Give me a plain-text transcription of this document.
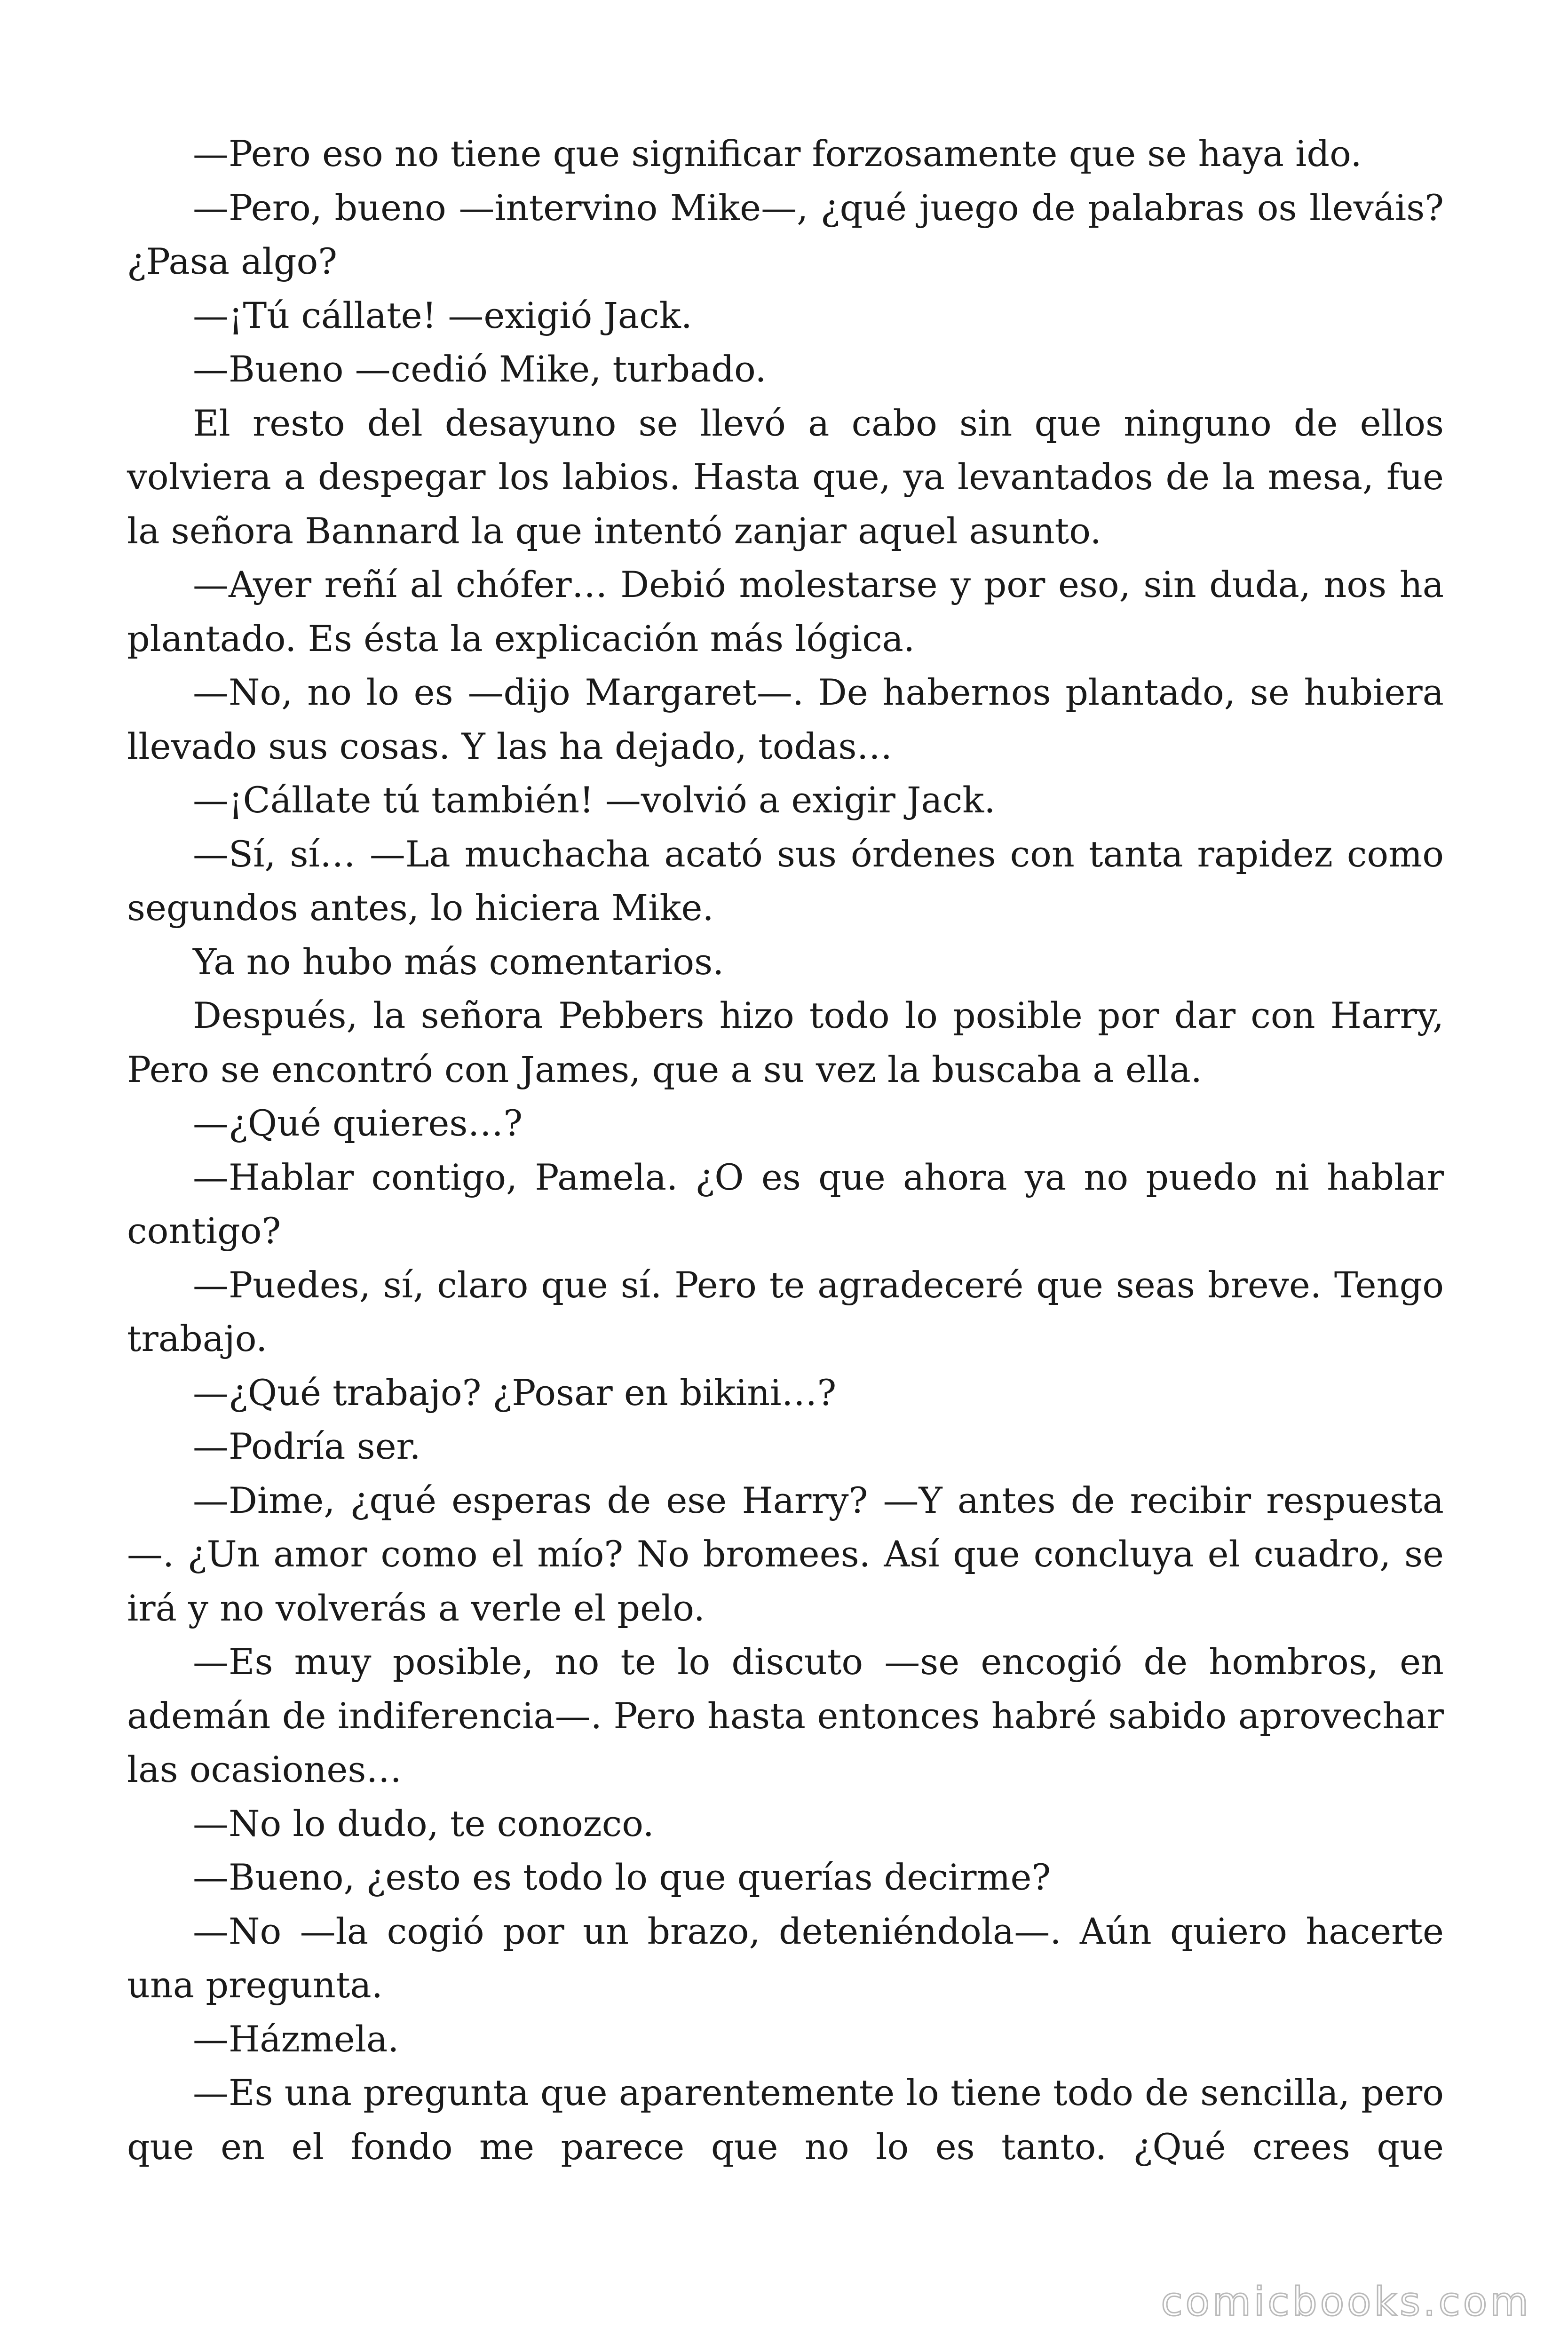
—Pero eso no tiene que significar forzosamente que se haya ido.

—Pero, bueno —intervino Mike—, ¿qué juego de palabras os lleváis? ¿Pasa algo?

—¡Tú cállate! —exigió Jack.

—Bueno —cedió Mike, turbado.

El resto del desayuno se llevó a cabo sin que ninguno de ellos volviera a despegar los labios. Hasta que, ya levantados de la mesa, fue la señora Bannard la que intentó zanjar aquel asunto.

—Ayer reñí al chófer… Debió molestarse y por eso, sin duda, nos ha plantado. Es ésta la explicación más lógica.

—No, no lo es —dijo Margaret—. De habernos plantado, se hubiera llevado sus cosas. Y las ha dejado, todas…

—¡Cállate tú también! —volvió a exigir Jack.

—Sí, sí… —La muchacha acató sus órdenes con tanta rapidez como segundos antes, lo hiciera Mike.

Ya no hubo más comentarios.

Después, la señora Pebbers hizo todo lo posible por dar con Harry, Pero se encontró con James, que a su vez la buscaba a ella.

—¿Qué quieres…?

—Hablar contigo, Pamela. ¿O es que ahora ya no puedo ni hablar contigo?

—Puedes, sí, claro que sí. Pero te agradeceré que seas breve. Tengo trabajo.

—¿Qué trabajo? ¿Posar en bikini…?

—Podría ser.

—Dime, ¿qué esperas de ese Harry? —Y antes de recibir respuesta—. ¿Un amor como el mío? No bromees. Así que concluya el cuadro, se irá y no volverás a verle el pelo.

—Es muy posible, no te lo discuto —se encogió de hombros, en ademán de indiferencia—. Pero hasta entonces habré sabido aprovechar las ocasiones…

—No lo dudo, te conozco.

—Bueno, ¿esto es todo lo que querías decirme?

—No —la cogió por un brazo, deteniéndola—. Aún quiero hacerte una pregunta.

—Házmela.

—Es una pregunta que aparentemente lo tiene todo de sencilla, pero que en el fondo me parece que no lo es tanto. ¿Qué crees que

comicbooks.com
